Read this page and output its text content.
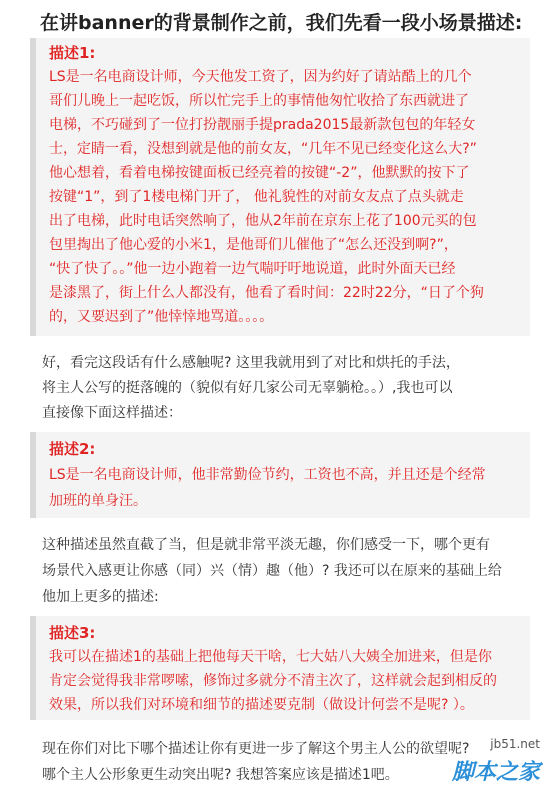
在讲banner的背景制作之前，我们先看一段小场景描述:
描述1:
LS是一名电商设计师，今天他发工资了，因为约好了请站酷上的几个
哥们儿晚上一起吃饭，所以忙完手上的事情他匆忙收拾了东西就进了
电梯，不巧碰到了一位打扮靓丽手提prada2015最新款包包的年轻女
士，定睛一看，没想到就是他的前女友，“几年不见已经变化这么大?”
他心想着，看着电梯按键面板已经亮着的按键“-2”，他默默的按下了
按键“1”，到了1楼电梯门开了， 他礼貌性的对前女友点了点头就走
出了电梯，此时电话突然响了，他从2年前在京东上花了100元买的包
包里掏出了他心爱的小米1，是他哥们儿催他了“怎么还没到啊?”，
“快了快了。。”他一边小跑着一边气喘吁吁地说道，此时外面天已经
是漆黑了，街上什么人都没有，他看了看时间：22时22分，“日了个狗
的，又要迟到了”他悻悻地骂道。。。。
好，看完这段话有什么感触呢? 这里我就用到了对比和烘托的手法，
将主人公写的挺落魄的（貌似有好几家公司无辜躺枪。。）,我也可以
直接像下面这样描述：
描述2:
LS是一名电商设计师，他非常勤俭节约，工资也不高，并且还是个经常
加班的单身汪。
这种描述虽然直截了当，但是就非常平淡无趣，你们感受一下，哪个更有
场景代入感更让你感（同）兴（情）趣（他）? 我还可以在原来的基础上给
他加上更多的描述:
描述3:
我可以在描述1的基础上把他每天干啥，七大姑八大姨全加进来，但是你
肯定会觉得我非常啰嗦，修饰过多就分不清主次了，这样就会起到相反的
效果，所以我们对环境和细节的描述要克制（做设计何尝不是呢? ）。
现在你们对比下哪个描述让你有更进一步了解这个男主人公的欲望呢?
哪个主人公形象更生动突出呢? 我想答案应该是描述1吧。
jb51.net
脚本之家
